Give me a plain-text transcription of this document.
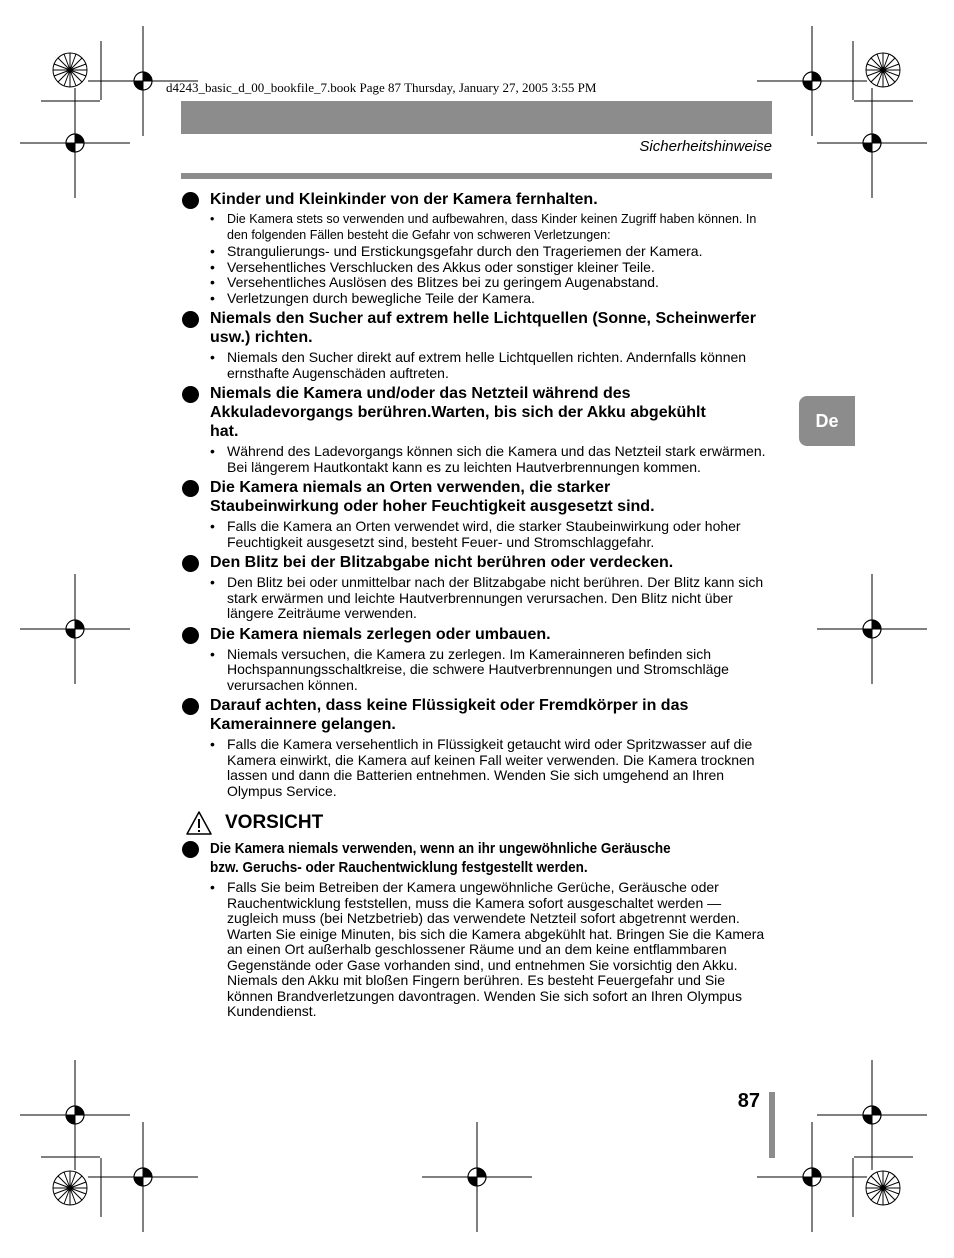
d4243_basic_d_00_bookfile_7.book Page 87 Thursday, January 27, 2005 3:55 PM
Sicherheitshinweise
De
Kinder und Kleinkinder von der Kamera fernhalten.
• Die Kamera stets so verwenden und aufbewahren, dass Kinder keinen Zugriff haben können. In den folgenden Fällen besteht die Gefahr von schweren Verletzungen:
• Strangulierungs- und Erstickungsgefahr durch den Trageriemen der Kamera.
• Versehentliches Verschlucken des Akkus oder sonstiger kleiner Teile.
• Versehentliches Auslösen des Blitzes bei zu geringem Augenabstand.
• Verletzungen durch bewegliche Teile der Kamera.
Niemals den Sucher auf extrem helle Lichtquellen (Sonne, Scheinwerfer usw.) richten.
• Niemals den Sucher direkt auf extrem helle Lichtquellen richten. Andernfalls können ernsthafte Augenschäden auftreten.
Niemals die Kamera und/oder das Netzteil während des Akkuladevorgangs berühren.Warten, bis sich der Akku abgekühlt hat.
• Während des Ladevorgangs können sich die Kamera und das Netzteil stark erwärmen. Bei längerem Hautkontakt kann es zu leichten Hautverbrennungen kommen.
Die Kamera niemals an Orten verwenden, die starker Staubeinwirkung oder hoher Feuchtigkeit ausgesetzt sind.
• Falls die Kamera an Orten verwendet wird, die starker Staubeinwirkung oder hoher Feuchtigkeit ausgesetzt sind, besteht Feuer- und Stromschlaggefahr.
Den Blitz bei der Blitzabgabe nicht berühren oder verdecken.
• Den Blitz bei oder unmittelbar nach der Blitzabgabe nicht berühren. Der Blitz kann sich stark erwärmen und leichte Hautverbrennungen verursachen. Den Blitz nicht über längere Zeiträume verwenden.
Die Kamera niemals zerlegen oder umbauen.
• Niemals versuchen, die Kamera zu zerlegen. Im Kamerainneren befinden sich Hochspannungsschaltkreise, die schwere Hautverbrennungen und Stromschläge verursachen können.
Darauf achten, dass keine Flüssigkeit oder Fremdkörper in das Kamerainnere gelangen.
• Falls die Kamera versehentlich in Flüssigkeit getaucht wird oder Spritzwasser auf die Kamera einwirkt, die Kamera auf keinen Fall weiter verwenden. Die Kamera trocknen lassen und dann die Batterien entnehmen. Wenden Sie sich umgehend an Ihren Olympus Service.
VORSICHT
Die Kamera niemals verwenden, wenn an ihr ungewöhnliche Geräusche
bzw. Geruchs- oder Rauchentwicklung festgestellt werden.
• Falls Sie beim Betreiben der Kamera ungewöhnliche Gerüche, Geräusche oder Rauchentwicklung feststellen, muss die Kamera sofort ausgeschaltet werden — zugleich muss (bei Netzbetrieb) das verwendete Netzteil sofort abgetrennt werden. Warten Sie einige Minuten, bis sich die Kamera abgekühlt hat. Bringen Sie die Kamera an einen Ort außerhalb geschlossener Räume und an dem keine entflammbaren Gegenstände oder Gase vorhanden sind, und entnehmen Sie vorsichtig den Akku. Niemals den Akku mit bloßen Fingern berühren. Es besteht Feuergefahr und Sie können Brandverletzungen davontragen. Wenden Sie sich sofort an Ihren Olympus Kundendienst.
87
